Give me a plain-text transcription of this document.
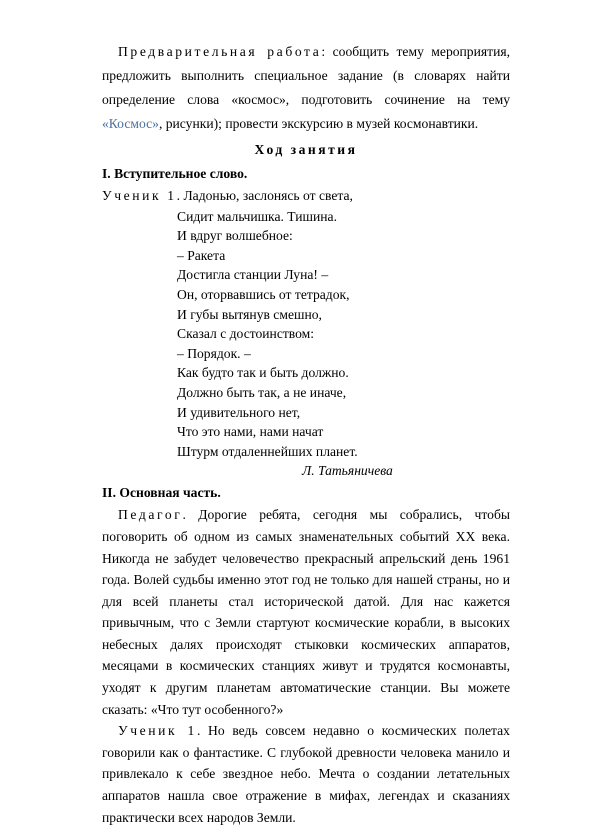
Предварительная работа: сообщить тему мероприятия, предложить выполнить специальное задание (в словарях найти определение слова «космос», подготовить сочинение на тему «Космос», рисунки); провести экскурсию в музей космонавтики.

Ход занятия
I. Вступительное слово.
Ученик 1. Ладонью, заслонясь от света,
Сидит мальчишка. Тишина.
И вдруг волшебное:
– Ракета
Достигла станции Луна! –
Он, оторвавшись от тетрадок,
И губы вытянув смешно,
Сказал с достоинством:
– Порядок. –
Как будто так и быть должно.
Должно быть так, а не иначе,
И удивительного нет,
Что это нами, нами начат
Штурм отдаленнейших планет.
Л. Татьяничева
II. Основная часть.

Педагог. Дорогие ребята, сегодня мы собрались, чтобы поговорить об одном из самых знаменательных событий XX века. Никогда не забудет человечество прекрасный апрельский день 1961 года. Волей судьбы именно этот год не только для нашей страны, но и для всей планеты стал исторической датой. Для нас кажется привычным, что с Земли стартуют космические корабли, в высоких небесных далях происходят стыковки космических аппаратов, месяцами в космических станциях живут и трудятся космонавты, уходят к другим планетам автоматические станции. Вы можете сказать: «Что тут особенного?»

Ученик 1. Но ведь совсем недавно о космических полетах говорили как о фантастике. С глубокой древности человека манило и привлекало к себе звездное небо. Мечта о создании летательных аппаратов нашла свое отражение в мифах, легендах и сказаниях практически всех народов Земли.
